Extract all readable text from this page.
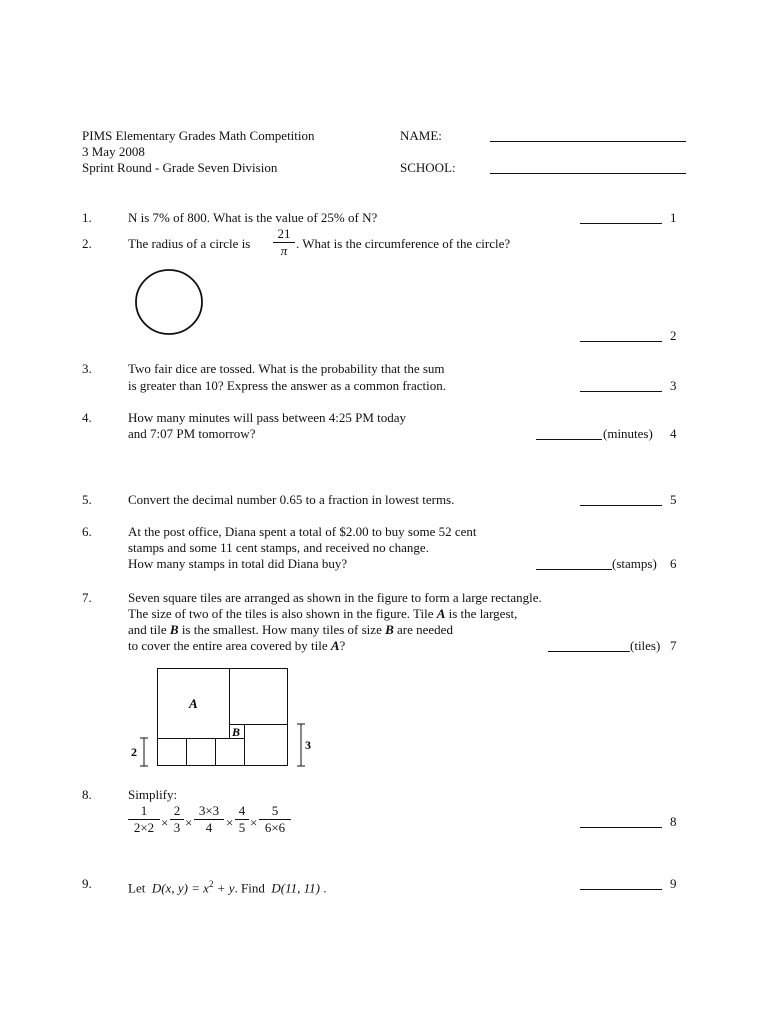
PIMS Elementary Grades Math Competition
3 May 2008
Sprint Round - Grade Seven Division
NAME:
SCHOOL:
1.	N is 7% of 800. What is the value of 25% of N?	1
2.	The radius of a circle is
21
π . What is the circumference of the circle?
2
3.	Two fair dice are tossed. What is the probability that the sum
is greater than 10? Express the answer as a common fraction.	3
4.	How many minutes will pass between 4:25 PM today
and 7:07 PM tomorrow?	(minutes) 4
5.	Convert the decimal number 0.65 to a fraction in lowest terms.	5
6.	At the post office, Diana spent a total of $2.00 to buy some 52 cent
stamps and some 11 cent stamps, and received no change.
How many stamps in total did Diana buy?	(stamps) 6
7.	Seven square tiles are arranged as shown in the figure to form a large rectangle.
The size of two of the tiles is also shown in the figure. Tile A is the largest,
and tile B is the smallest. How many tiles of size B are needed
to cover the entire area covered by tile A?	(tiles) 7
A
B
2	3
8.	Simplify:
1
2×2 ×
2
3 ×
3×3
4	×
4
5 ×
5
6×6	8
9.	Let D(x, $y) = x^2 + y$. Find D(11, 11) .	9
